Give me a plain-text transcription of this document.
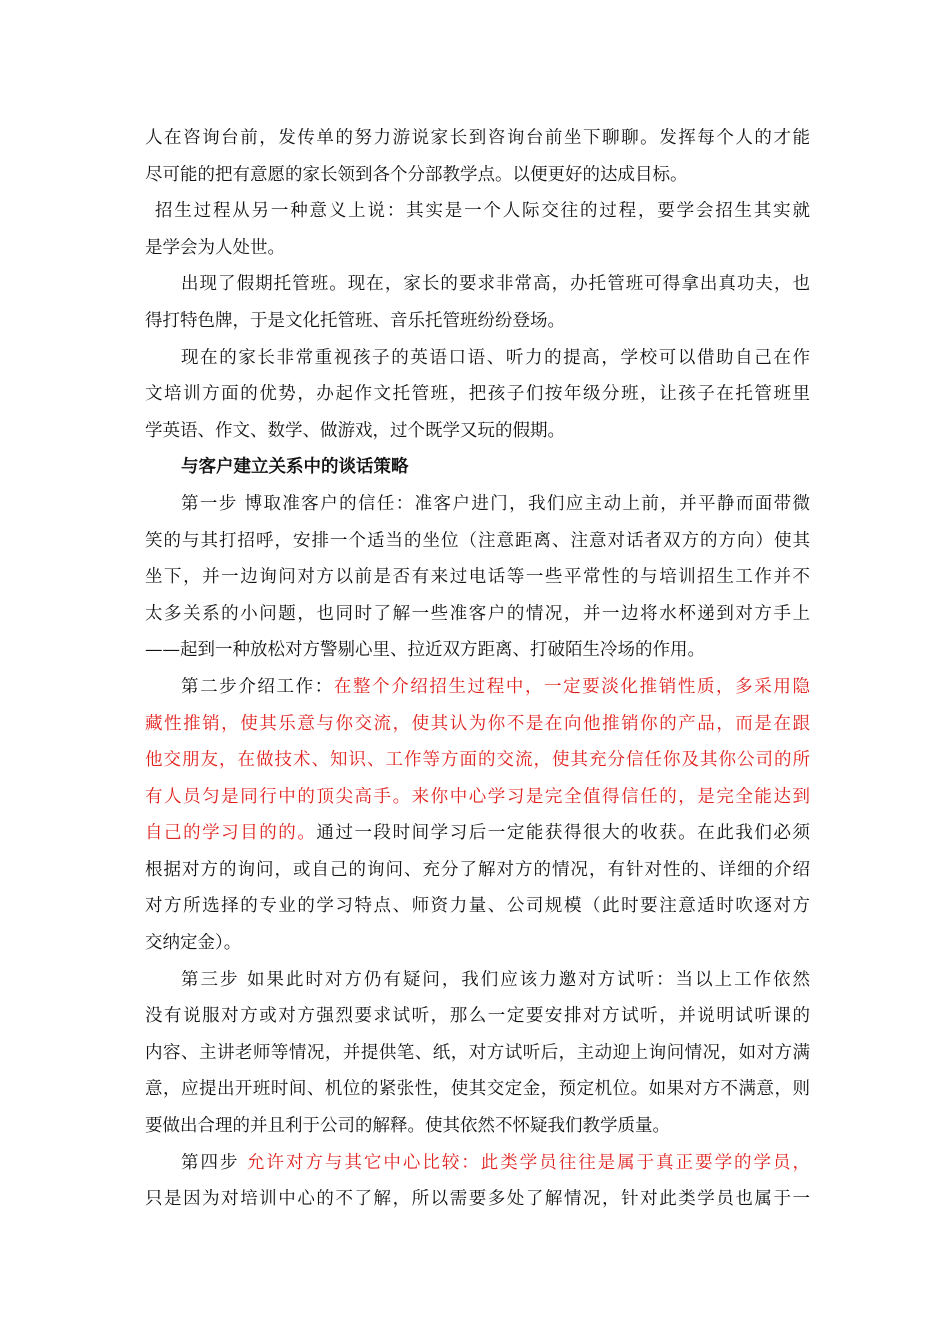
人在咨询台前，发传单的努力游说家长到咨询台前坐下聊聊。发挥每个人的才能
尽可能的把有意愿的家长领到各个分部教学点。以便更好的达成目标。
招生过程从另一种意义上说：其实是一个人际交往的过程，要学会招生其实就
是学会为人处世。
出现了假期托管班。现在，家长的要求非常高，办托管班可得拿出真功夫，也
得打特色牌，于是文化托管班、音乐托管班纷纷登场。
现在的家长非常重视孩子的英语口语、听力的提高，学校可以借助自己在作
文培训方面的优势，办起作文托管班，把孩子们按年级分班，让孩子在托管班里
学英语、作文、数学、做游戏，过个既学又玩的假期。
与客户建立关系中的谈话策略
第一步 博取准客户的信任：准客户进门，我们应主动上前，并平静而面带微
笑的与其打招呼，安排一个适当的坐位（注意距离、注意对话者双方的方向）使其
坐下，并一边询问对方以前是否有来过电话等一些平常性的与培训招生工作并不
太多关系的小问题，也同时了解一些准客户的情况，并一边将水杯递到对方手上
——起到一种放松对方警剔心里、拉近双方距离、打破陌生冷场的作用。
第二步介绍工作：在整个介绍招生过程中，一定要淡化推销性质，多采用隐
藏性推销，使其乐意与你交流，使其认为你不是在向他推销你的产品，而是在跟
他交朋友，在做技术、知识、工作等方面的交流，使其充分信任你及其你公司的所
有人员匀是同行中的顶尖高手。来你中心学习是完全值得信任的，是完全能达到
自己的学习目的的。通过一段时间学习后一定能获得很大的收获。在此我们必须
根据对方的询问，或自己的询问、充分了解对方的情况，有针对性的、详细的介绍
对方所选择的专业的学习特点、师资力量、公司规模（此时要注意适时吹逐对方
交纳定金）。
第三步 如果此时对方仍有疑问，我们应该力邀对方试听：当以上工作依然
没有说服对方或对方强烈要求试听，那么一定要安排对方试听，并说明试听课的
内容、主讲老师等情况，并提供笔、纸，对方试听后，主动迎上询问情况，如对方满
意，应提出开班时间、机位的紧张性，使其交定金，预定机位。如果对方不满意，则
要做出合理的并且利于公司的解释。使其依然不怀疑我们教学质量。
第四步 允许对方与其它中心比较：此类学员往往是属于真正要学的学员，
只是因为对培训中心的不了解，所以需要多处了解情况，针对此类学员也属于一
